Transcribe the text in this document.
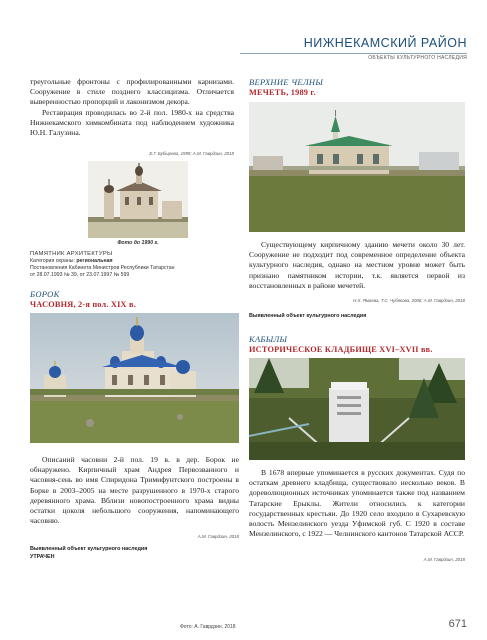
НИЖНЕКАМСКИЙ РАЙОН
ОБЪЕКТЫ КУЛЬТУРНОГО НАСЛЕДИЯ

треугольные фронтоны с профилированными карнизами. Сооружение в стиле позднего классицизма. Отличается выверенностью пропорций и лаконизмом декора.

Реставрация проводилась во 2-й пол. 1980-х на средства Нижнекамского химкомбината под наблюдением художника Ю.Н. Галузина.

Е.Г. Бубырева, 1999; А.М. Гаврдзин, 2018
Фото до 1990 г.
ПАМЯТНИК АРХИТЕКТУРЫ
Категория охраны: региональная
Постановления Кабинета Министров Республики Татарстан
от 28.07.1993 № 39, от 23.07.1997 № 599
БОРОК
ЧАСОВНЯ, 2-я пол. XIX в.
Описаний часовни 2-й пол. 19 в. в дер. Борок не обнаружено. Кирпичный храм Андрея Первозванного и часовня-сень во имя Спиридона Тримифунтского построены в Борке в 2003–2005 на месте разрушенного в 1970-х старого деревянного храма. Вблизи новопостроенного храма видны остатки цоколя небольшого сооружения, напоминающего часовню.
А.М. Гаврдзин, 2018
Выявленный объект культурного наследия
УТРАЧЕН
ВЕРХНИЕ ЧЕЛНЫ
МЕЧЕТЬ, 1989 г.
Существующему кирпичному зданию мечети около 30 лет. Сооружение не подходит под современное определение объекта культурного наследия, однако на местном уровне может быть признано памятником истории, т.к. является первой из восстановленных в районе мечетей.
Н.Х. Ямаева, Т.С. Чубякова, 2006; А.М. Гаврдзин, 2018
Выявленный объект культурного наследия
КАБЫЛЫ
ИСТОРИЧЕСКОЕ КЛАДБИЩЕ XVI–XVII вв.
В 1678 впервые упоминается в русских документах. Судя по остаткам древнего кладбища, существовало несколько веков. В дореволюционных источниках упоминается также под названием Татарские Ерыклы. Жители относились к категории государственных крестьян. До 1920 село входило в Сухаревскую волость Мензелинского уезда Уфимской губ. С 1920 в составе Мензелинского, с 1922 — Челнинского кантонов Татарской АССР.
А.М. Гаврдзин, 2018
Фото: А. Гаврдзин, 2018	671
